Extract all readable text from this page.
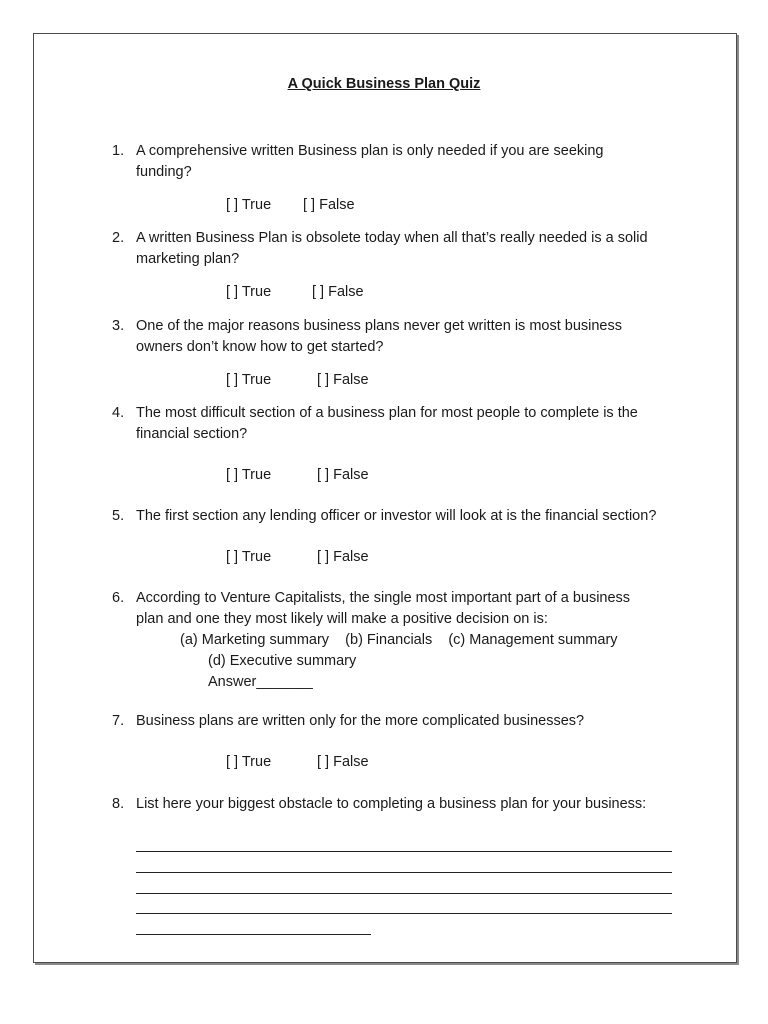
A Quick Business Plan Quiz
1. A comprehensive written Business plan is only needed if you are seeking
funding?
[ ] True [ ] False
2. A written Business Plan is obsolete today when all that’s really needed is a solid
marketing plan?
[ ] True	[ ] False
3. One of the major reasons business plans never get written is most business
owners don’t know how to get started?
[ ] True	[ ] False
4. The most difficult section of a business plan for most people to complete is the
financial section?
[ ] True	[ ] False
5. The first section any lending officer or investor will look at is the financial section?
[ ] True	[ ] False
6. According to Venture Capitalists, the single most important part of a business
plan and one they most likely will make a positive decision on is:
(a) Marketing summary    (b) Financials    (c) Management summary
(d) Executive summary
Answer_______
7. Business plans are written only for the more complicated businesses?
[ ] True	[ ] False
8. List here your biggest obstacle to completing a business plan for your business:
